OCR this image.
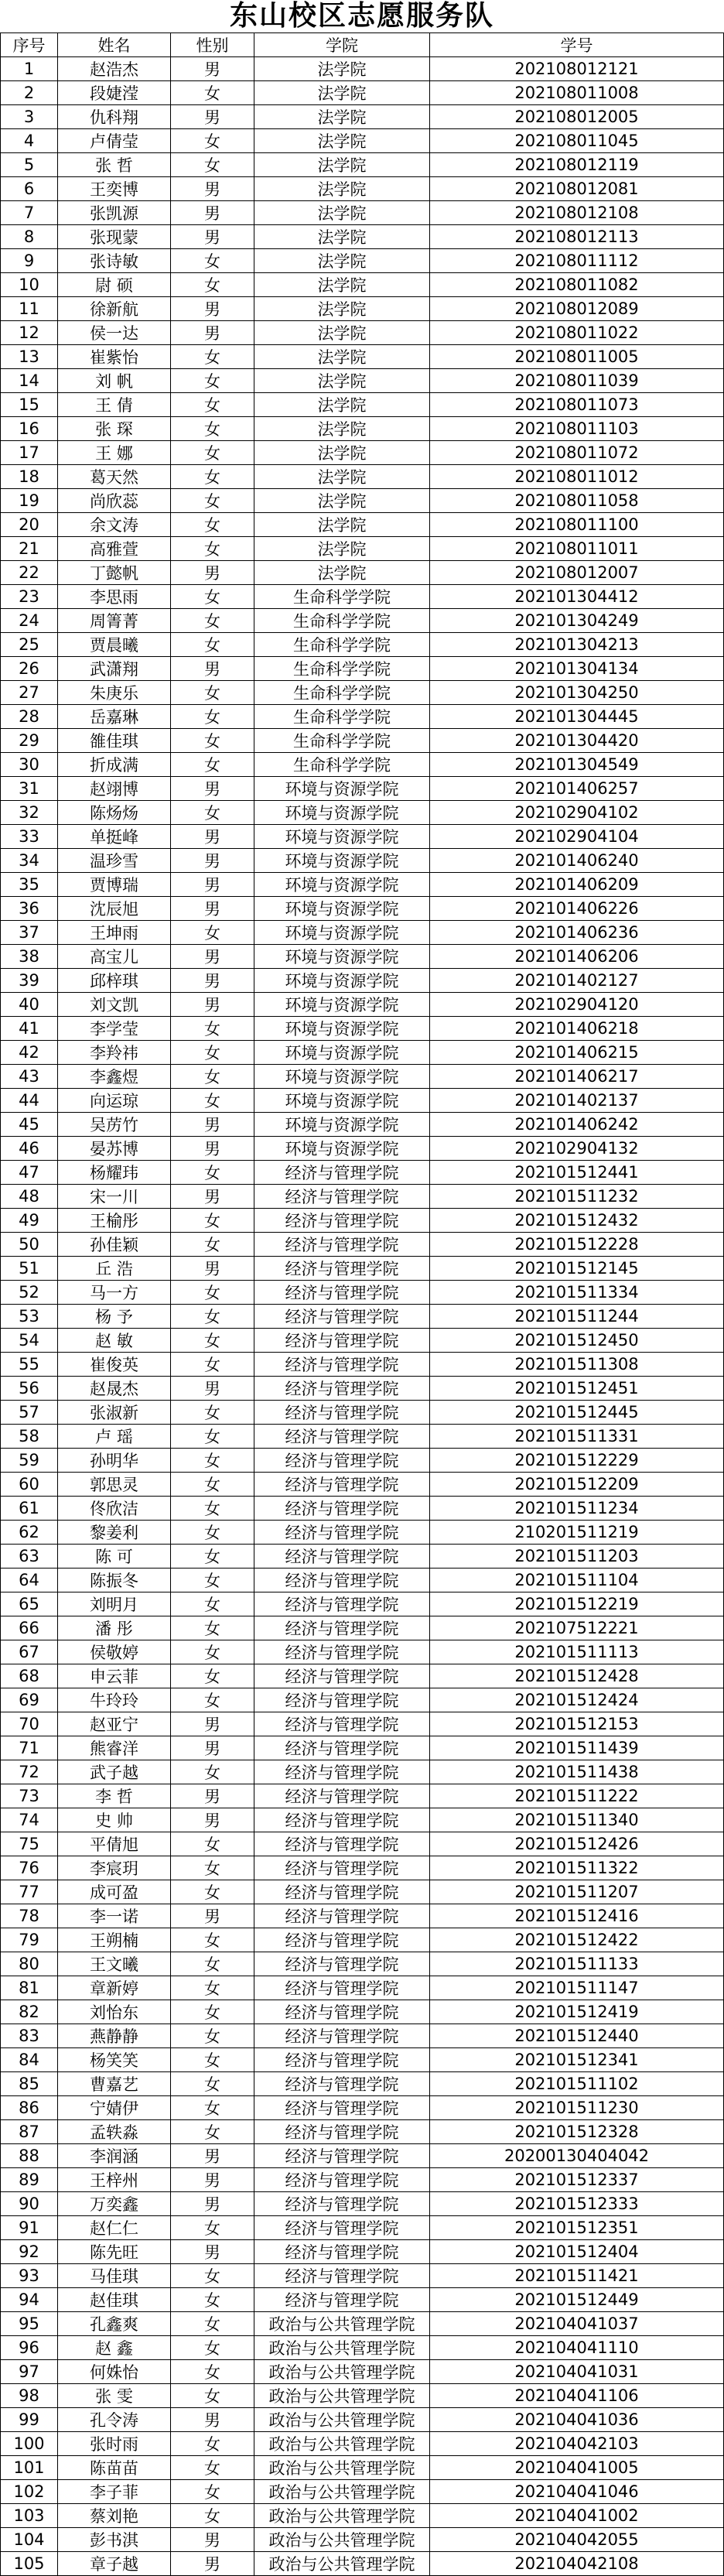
东山校区志愿服务队
序号	姓名	性别	学院	学号
1	赵浩杰	男	法学院	202108012121
2	段婕滢	女	法学院	202108011008
3	仇科翔	男	法学院	202108012005
4	卢倩莹	女	法学院	202108011045
5	张 哲	女	法学院	202108012119
6	王奕博	男	法学院	202108012081
7	张凯源	男	法学院	202108012108
8	张现蒙	男	法学院	202108012113
9	张诗敏	女	法学院	202108011112
10	尉 硕	女	法学院	202108011082
11	徐新航	男	法学院	202108012089
12	侯一达	男	法学院	202108011022
13	崔紫怡	女	法学院	202108011005
14	刘 帆	女	法学院	202108011039
15	王 倩	女	法学院	202108011073
16	张 琛	女	法学院	202108011103
17	王 娜	女	法学院	202108011072
18	葛天然	女	法学院	202108011012
19	尚欣蕊	女	法学院	202108011058
20	余文涛	女	法学院	202108011100
21	高雅萱	女	法学院	202108011011
22	丁懿帆	男	法学院	202108012007
23	李思雨	女	生命科学学院	202101304412
24	周箐菁	女	生命科学学院	202101304249
25	贾晨曦	女	生命科学学院	202101304213
26	武潇翔	男	生命科学学院	202101304134
27	朱庚乐	女	生命科学学院	202101304250
28	岳嘉琳	女	生命科学学院	202101304445
29	雒佳琪	女	生命科学学院	202101304420
30	折成满	女	生命科学学院	202101304549
31	赵翊博	男	环境与资源学院	202101406257
32	陈炀炀	女	环境与资源学院	202102904102
33	单挺峰	男	环境与资源学院	202102904104
34	温珍雪	男	环境与资源学院	202101406240
35	贾博瑞	男	环境与资源学院	202101406209
36	沈辰旭	男	环境与资源学院	202101406226
37	王坤雨	女	环境与资源学院	202101406236
38	高宝儿	男	环境与资源学院	202101406206
39	邱梓琪	男	环境与资源学院	202101402127
40	刘文凯	男	环境与资源学院	202102904120
41	李学莹	女	环境与资源学院	202101406218
42	李羚祎	女	环境与资源学院	202101406215
43	李鑫煜	女	环境与资源学院	202101406217
44	向运琼	女	环境与资源学院	202101402137
45	吴苈竹	男	环境与资源学院	202101406242
46	晏苏博	男	环境与资源学院	202102904132
47	杨耀玮	女	经济与管理学院	202101512441
48	宋一川	男	经济与管理学院	202101511232
49	王榆彤	女	经济与管理学院	202101512432
50	孙佳颖	女	经济与管理学院	202101512228
51	丘 浩	男	经济与管理学院	202101512145
52	马一方	女	经济与管理学院	202101511334
53	杨 予	女	经济与管理学院	202101511244
54	赵 敏	女	经济与管理学院	202101512450
55	崔俊英	女	经济与管理学院	202101511308
56	赵晟杰	男	经济与管理学院	202101512451
57	张淑新	女	经济与管理学院	202101512445
58	卢 瑶	女	经济与管理学院	202101511331
59	孙明华	女	经济与管理学院	202101512229
60	郭思灵	女	经济与管理学院	202101512209
61	佟欣洁	女	经济与管理学院	202101511234
62	黎姜利	女	经济与管理学院	210201511219
63	陈 可	女	经济与管理学院	202101511203
64	陈振冬	女	经济与管理学院	202101511104
65	刘明月	女	经济与管理学院	202101512219
66	潘 彤	女	经济与管理学院	202107512221
67	侯敬婷	女	经济与管理学院	202101511113
68	申云菲	女	经济与管理学院	202101512428
69	牛玲玲	女	经济与管理学院	202101512424
70	赵亚宁	男	经济与管理学院	202101512153
71	熊睿洋	男	经济与管理学院	202101511439
72	武子越	女	经济与管理学院	202101511438
73	李 哲	男	经济与管理学院	202101511222
74	史 帅	男	经济与管理学院	202101511340
75	平倩旭	女	经济与管理学院	202101512426
76	李宸玥	女	经济与管理学院	202101511322
77	成可盈	女	经济与管理学院	202101511207
78	李一诺	男	经济与管理学院	202101512416
79	王朔楠	女	经济与管理学院	202101512422
80	王文曦	女	经济与管理学院	202101511133
81	章新婷	女	经济与管理学院	202101511147
82	刘怡东	女	经济与管理学院	202101512419
83	燕静静	女	经济与管理学院	202101512440
84	杨笑笑	女	经济与管理学院	202101512341
85	曹嘉艺	女	经济与管理学院	202101511102
86	宁婧伊	女	经济与管理学院	202101511230
87	孟轶淼	女	经济与管理学院	202101512328
88	李润涵	男	经济与管理学院	20200130404042
89	王梓州	男	经济与管理学院	202101512337
90	万奕鑫	男	经济与管理学院	202101512333
91	赵仁仁	女	经济与管理学院	202101512351
92	陈先旺	男	经济与管理学院	202101512404
93	马佳琪	女	经济与管理学院	202101511421
94	赵佳琪	女	经济与管理学院	202101512449
95	孔鑫爽	女	政治与公共管理学院	202104041037
96	赵 鑫	女	政治与公共管理学院	202104041110
97	何姝怡	女	政治与公共管理学院	202104041031
98	张 雯	女	政治与公共管理学院	202104041106
99	孔令涛	男	政治与公共管理学院	202104041036
100	张时雨	女	政治与公共管理学院	202104042103
101	陈苗苗	女	政治与公共管理学院	202104041005
102	李子菲	女	政治与公共管理学院	202104041046
103	蔡刘艳	女	政治与公共管理学院	202104041002
104	彭书淇	男	政治与公共管理学院	202104042055
105	章子越	男	政治与公共管理学院	202104042108
